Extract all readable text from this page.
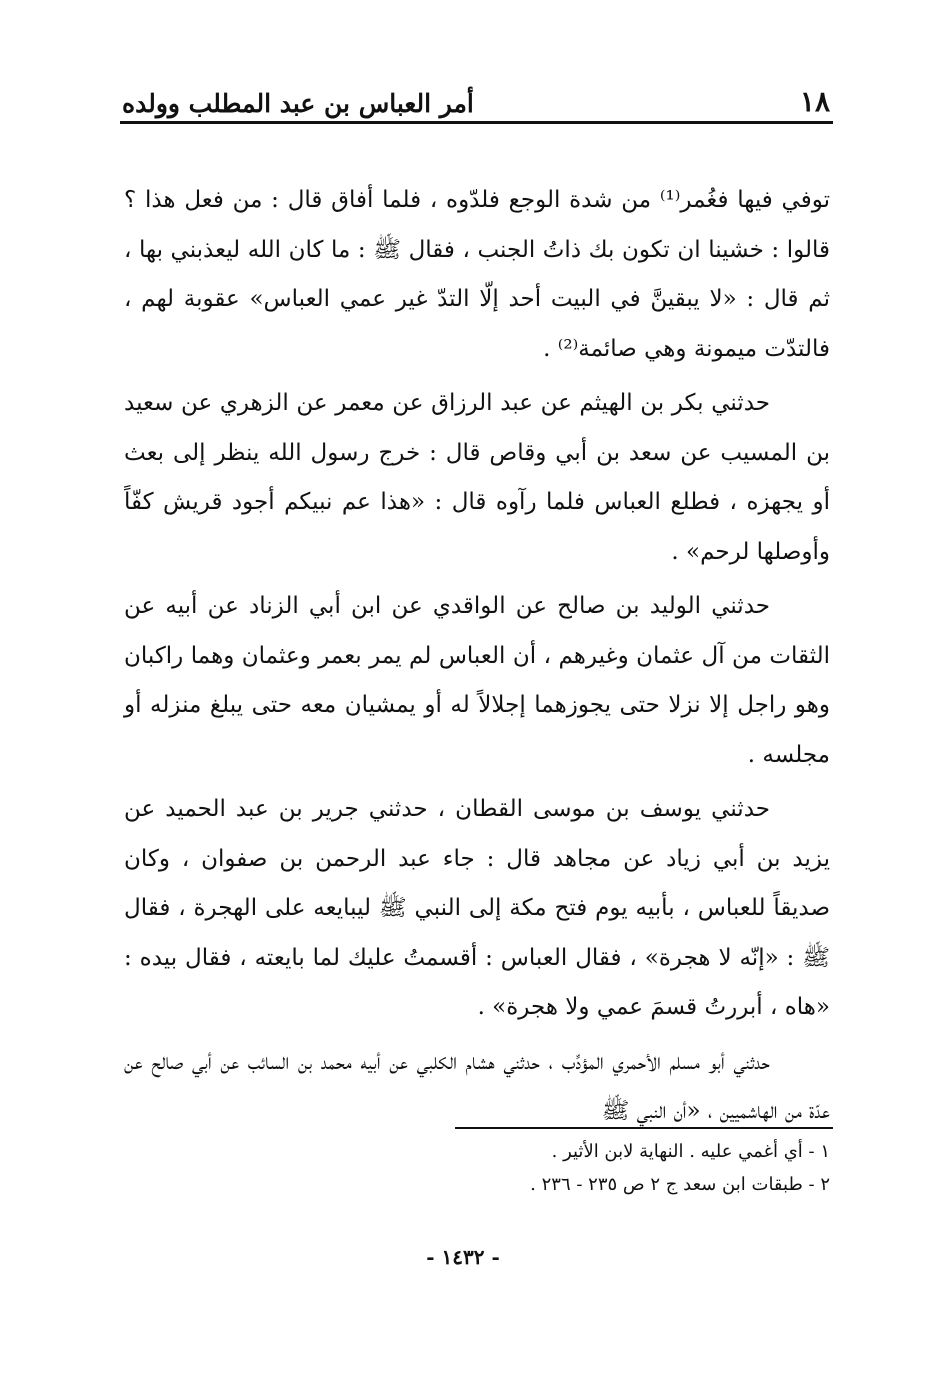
١٨
أمر العباس بن عبد المطلب وولده

توفي فيها فغُمر⁽¹⁾ من شدة الوجع فلدّوه ، فلما أفاق قال : من فعل هذا ؟ قالوا : خشينا ان تكون بك ذاتُ الجنب ، فقال ﷺ : ما كان الله ليعذبني بها ، ثم قال : «لا يبقينَّ في البيت أحد إلّا التدّ غير عمي العباس» عقوبة لهم ، فالتدّت ميمونة وهي صائمة⁽²⁾ .

حدثني بكر بن الهيثم عن عبد الرزاق عن معمر عن الزهري عن سعيد بن المسيب عن سعد بن أبي وقاص قال : خرج رسول الله ينظر إلى بعث أو يجهزه ، فطلع العباس فلما رآوه قال : «هذا عم نبيكم أجود قريش كفّاً وأوصلها لرحم» .

حدثني الوليد بن صالح عن الواقدي عن ابن أبي الزناد عن أبيه عن الثقات من آل عثمان وغيرهم ، أن العباس لم يمر بعمر وعثمان وهما راكبان وهو راجل إلا نزلا حتى يجوزهما إجلالاً له أو يمشيان معه حتى يبلغ منزله أو مجلسه .

حدثني يوسف بن موسى القطان ، حدثني جرير بن عبد الحميد عن يزيد بن أبي زياد عن مجاهد قال : جاء عبد الرحمن بن صفوان ، وكان صديقاً للعباس ، بأبيه يوم فتح مكة إلى النبي ﷺ ليبايعه على الهجرة ، فقال ﷺ : «إنّه لا هجرة» ، فقال العباس : أقسمتُ عليك لما بايعته ، فقال بيده : «هاه ، أبررتُ قسمَ عمي ولا هجرة» .

حدثني أبو مسلم الأحمري المؤدِّب ، حدثني هشام الكلبي عن أبيه محمد بن السائب عن أبي صالح عن عدّة من الهاشميين ، «أن النبي ﷺ

١ - أي أغمي عليه . النهاية لابن الأثير .
٢ - طبقات ابن سعد ج ٢ ص ٢٣٥ - ٢٣٦ .
- ١٤٣٢ -
